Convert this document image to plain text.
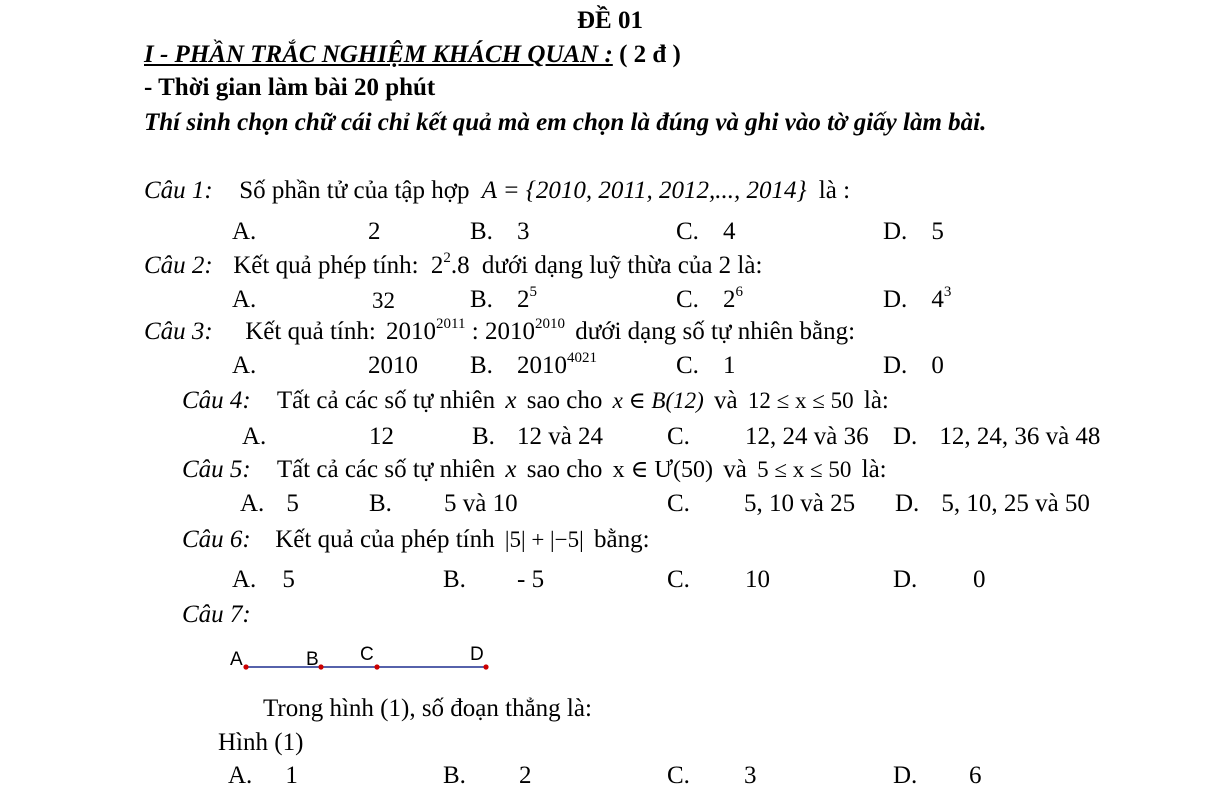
ĐỀ 01
I - PHẦN TRẮC NGHIỆM KHÁCH QUAN : ( 2 đ )
- Thời gian làm bài 20 phút
Thí sinh chọn chữ cái chỉ kết quả mà em chọn là đúng và ghi vào tờ giấy làm bài.
Câu 1: Số phần tử của tập hợp A = {2010, 2011, 2012,..., 2014} là :
A.	2	B. 3	C. 4	D. 5
Câu 2: Kết quả phép tính: $2^2.8$ dưới dạng luỹ thừa của 2 là:
A.	32	B. $2^5$	C. $2^6$	D. $4^3$
Câu 3: Kết quả tính: $2010^{2011}$ : $2010^{2010}$ dưới dạng số tự nhiên bằng:
A.	2010 B. $2010^{4021}$	C. 1	D. 0
Câu 4: Tất cả các số tự nhiên x sao cho x ∈ B(12) và 12 ≤ x ≤ 50 là:
A.	12	B. 12 và 24	C. 12, 24 và 36 D. 12, 24, 36 và 48
Câu 5: Tất cả các số tự nhiên x sao cho x ∈ Ư(50) và 5 ≤ x ≤ 50 là:
A. 5	B. 5 và 10	C. 5, 10 và 25 D. 5, 10, 25 và 50
Câu 6: Kết quả của phép tính |5| + |−5| bằng:
A. 5	B. - 5	C. 10	D. 0
Câu 7:
A	B C	D
Trong hình (1), số đoạn thẳng là:
Hình (1)
A. 1	B. 2	C. 3	D. 6
